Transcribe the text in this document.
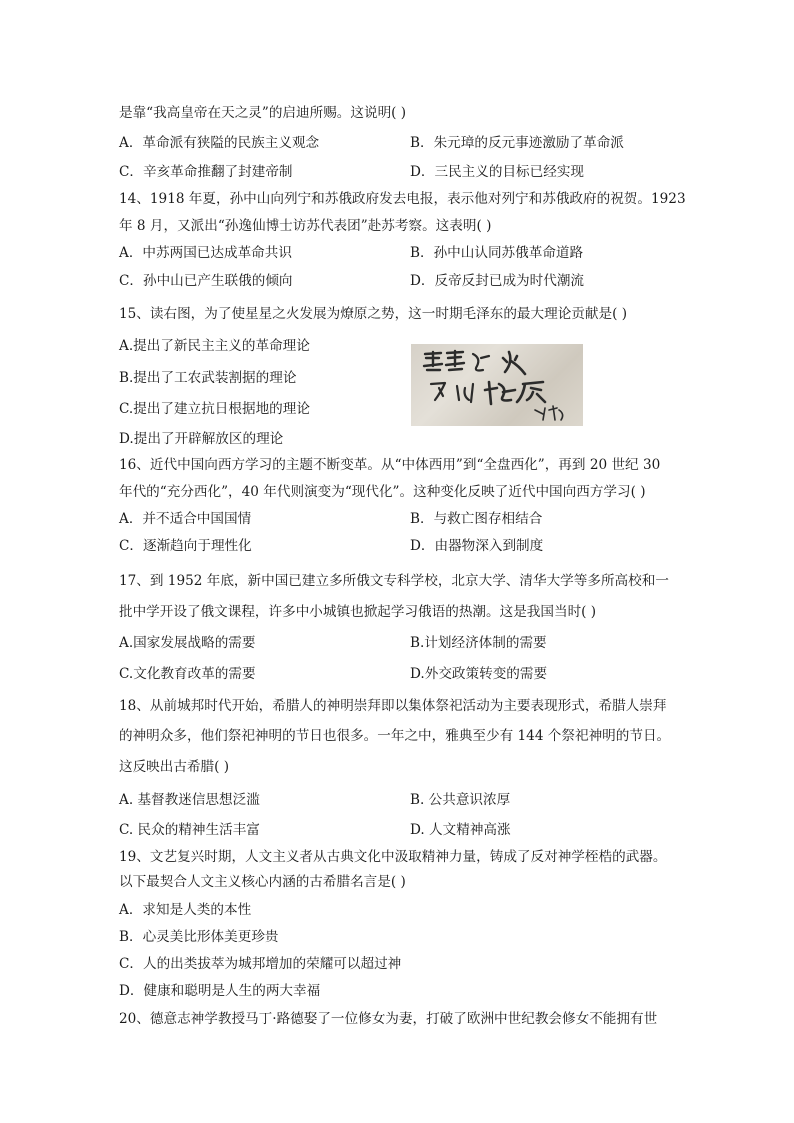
是靠“我高皇帝在天之灵”的启迪所赐。这说明( )
A．革命派有狭隘的民族主义观念	B．朱元璋的反元事迹激励了革命派
C．辛亥革命推翻了封建帝制	D．三民主义的目标已经实现
14、1918 年夏，孙中山向列宁和苏俄政府发去电报，表示他对列宁和苏俄政府的祝贺。1923
年 8 月，又派出“孙逸仙博士访苏代表团”赴苏考察。这表明( )
A．中苏两国已达成革命共识	B．孙中山认同苏俄革命道路
C．孙中山已产生联俄的倾向	D．反帝反封已成为时代潮流
15、读右图，为了使星星之火发展为燎原之势，这一时期毛泽东的最大理论贡献是( )
A.提出了新民主主义的革命理论
B.提出了工农武装割据的理论
C.提出了建立抗日根据地的理论
D.提出了开辟解放区的理论
16、近代中国向西方学习的主题不断变革。从“中体西用”到“全盘西化”，再到 20 世纪 30
年代的“充分西化”，40 年代则演变为“现代化”。这种变化反映了近代中国向西方学习( )
A．并不适合中国国情	B．与救亡图存相结合
C．逐渐趋向于理性化	D．由器物深入到制度
17、到 1952 年底，新中国已建立多所俄文专科学校，北京大学、清华大学等多所高校和一
批中学开设了俄文课程，许多中小城镇也掀起学习俄语的热潮。这是我国当时( )
A.国家发展战略的需要	B.计划经济体制的需要
C.文化教育改革的需要	D.外交政策转变的需要
18、从前城邦时代开始，希腊人的神明崇拜即以集体祭祀活动为主要表现形式，希腊人崇拜
的神明众多，他们祭祀神明的节日也很多。一年之中，雅典至少有 144 个祭祀神明的节日。
这反映出古希腊( )
A. 基督教迷信思想泛滥	B. 公共意识浓厚
C. 民众的精神生活丰富	D. 人文精神高涨
19、文艺复兴时期，人文主义者从古典文化中汲取精神力量，铸成了反对神学桎梏的武器。
以下最契合人文主义核心内涵的古希腊名言是( )
A．求知是人类的本性
B．心灵美比形体美更珍贵
C．人的出类拔萃为城邦增加的荣耀可以超过神
D．健康和聪明是人生的两大幸福
20、德意志神学教授马丁·路德娶了一位修女为妻，打破了欧洲中世纪教会修女不能拥有世
